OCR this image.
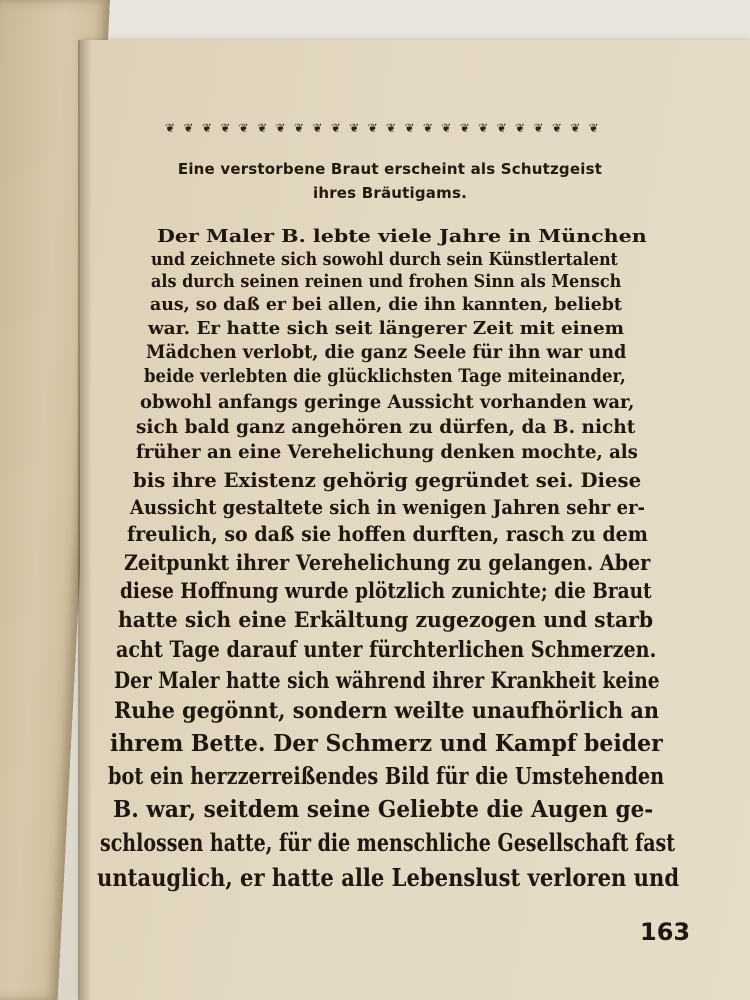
❦ ❦ ❦ ❦ ❦ ❦ ❦ ❦ ❦ ❦ ❦ ❦ ❦ ❦ ❦ ❦ ❦ ❦ ❦ ❦ ❦ ❦ ❦ ❦
Eine verstorbene Braut erscheint als Schutzgeist
ihres Bräutigams.
Der Maler B. lebte viele Jahre in München
und zeichnete sich sowohl durch sein Künstlertalent
als durch seinen reinen und frohen Sinn als Mensch
aus, so daß er bei allen, die ihn kannten, beliebt
war. Er hatte sich seit längerer Zeit mit einem
Mädchen verlobt, die ganz Seele für ihn war und
beide verlebten die glücklichsten Tage miteinander,
obwohl anfangs geringe Aussicht vorhanden war,
sich bald ganz angehören zu dürfen, da B. nicht
früher an eine Verehelichung denken mochte, als
bis ihre Existenz gehörig gegründet sei. Diese
Aussicht gestaltete sich in wenigen Jahren sehr er-
freulich, so daß sie hoffen durften, rasch zu dem
Zeitpunkt ihrer Verehelichung zu gelangen. Aber
diese Hoffnung wurde plötzlich zunichte; die Braut
hatte sich eine Erkältung zugezogen und starb
acht Tage darauf unter fürchterlichen Schmerzen.
Der Maler hatte sich während ihrer Krankheit keine
Ruhe gegönnt, sondern weilte unaufhörlich an
ihrem Bette. Der Schmerz und Kampf beider
bot ein herzzerreißendes Bild für die Umstehenden
B. war, seitdem seine Geliebte die Augen ge-
schlossen hatte, für die menschliche Gesellschaft fast
untauglich, er hatte alle Lebenslust verloren und
163
